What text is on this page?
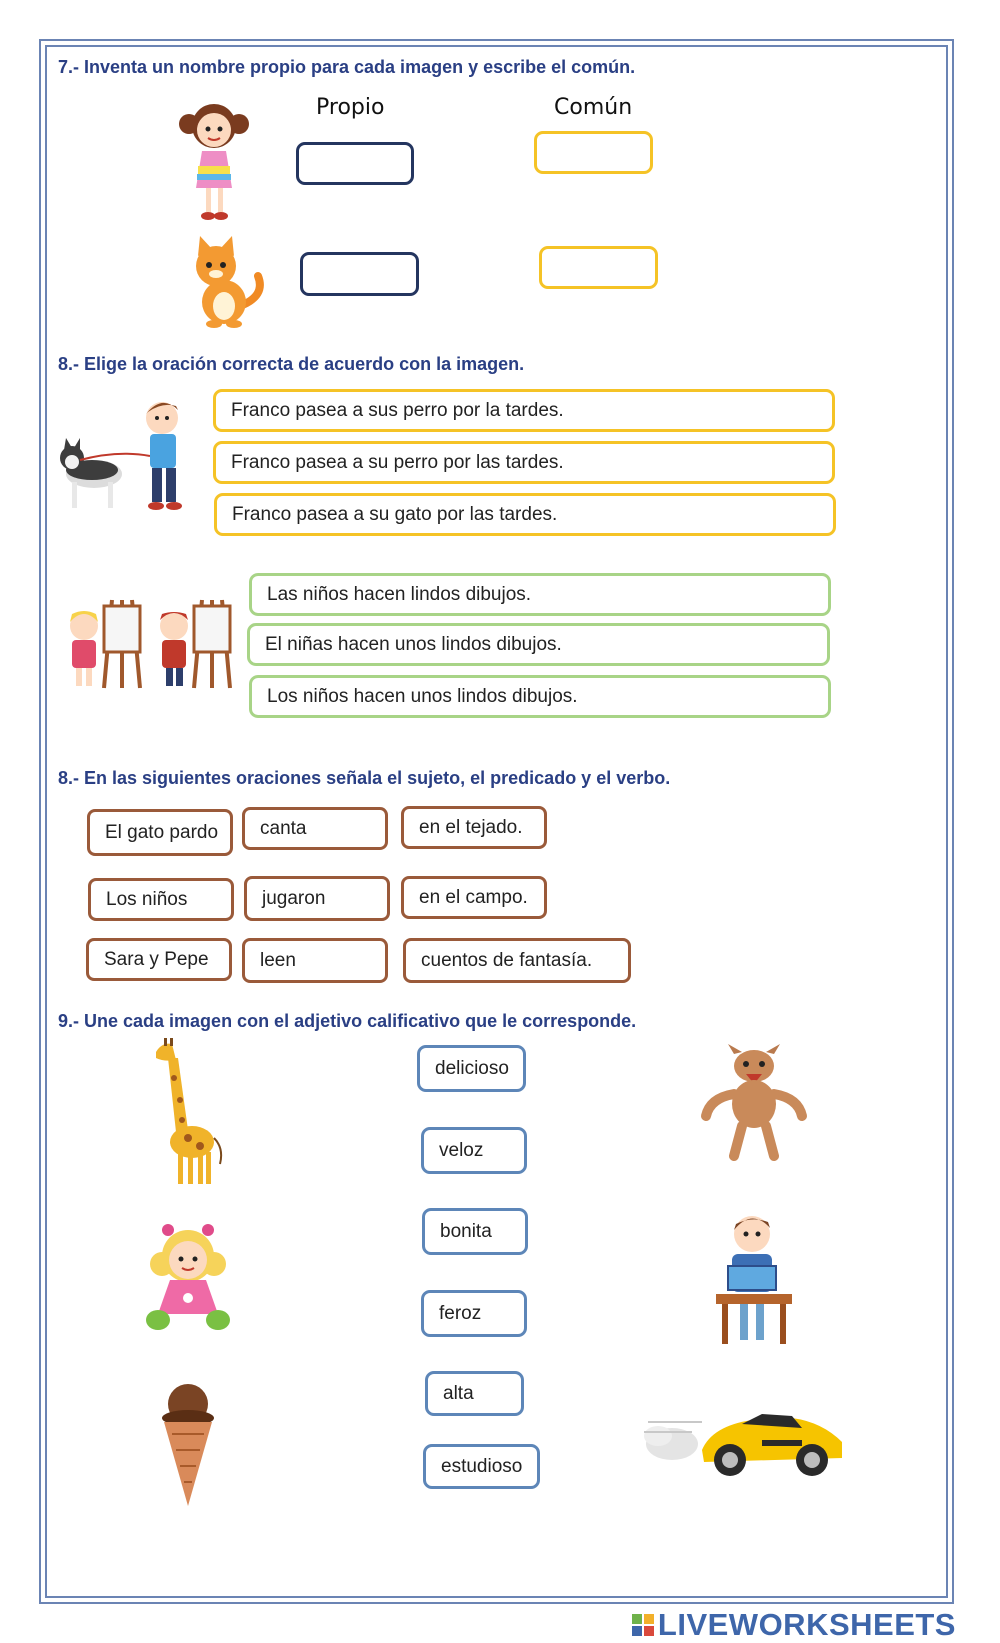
7.- Inventa un nombre propio para cada imagen y escribe el común.
Propio	Común
8.- Elige la oración correcta de acuerdo con la imagen.
Franco pasea a sus perro por la tardes.
Franco pasea a su perro por las tardes.
Franco pasea a su gato por las tardes.
Las niños hacen lindos dibujos.
El niñas hacen unos lindos dibujos.
Los niños hacen unos lindos dibujos.
8.- En las siguientes oraciones señala el sujeto, el predicado y el verbo.
El gato pardo	canta	en el tejado.
Los niños	jugaron	en el campo.
Sara y Pepe	leen	cuentos de fantasía.
9.- Une cada imagen con el adjetivo calificativo que le corresponde.
delicioso
veloz
bonita
feroz
alta
estudioso
LIVEWORKSHEETS
